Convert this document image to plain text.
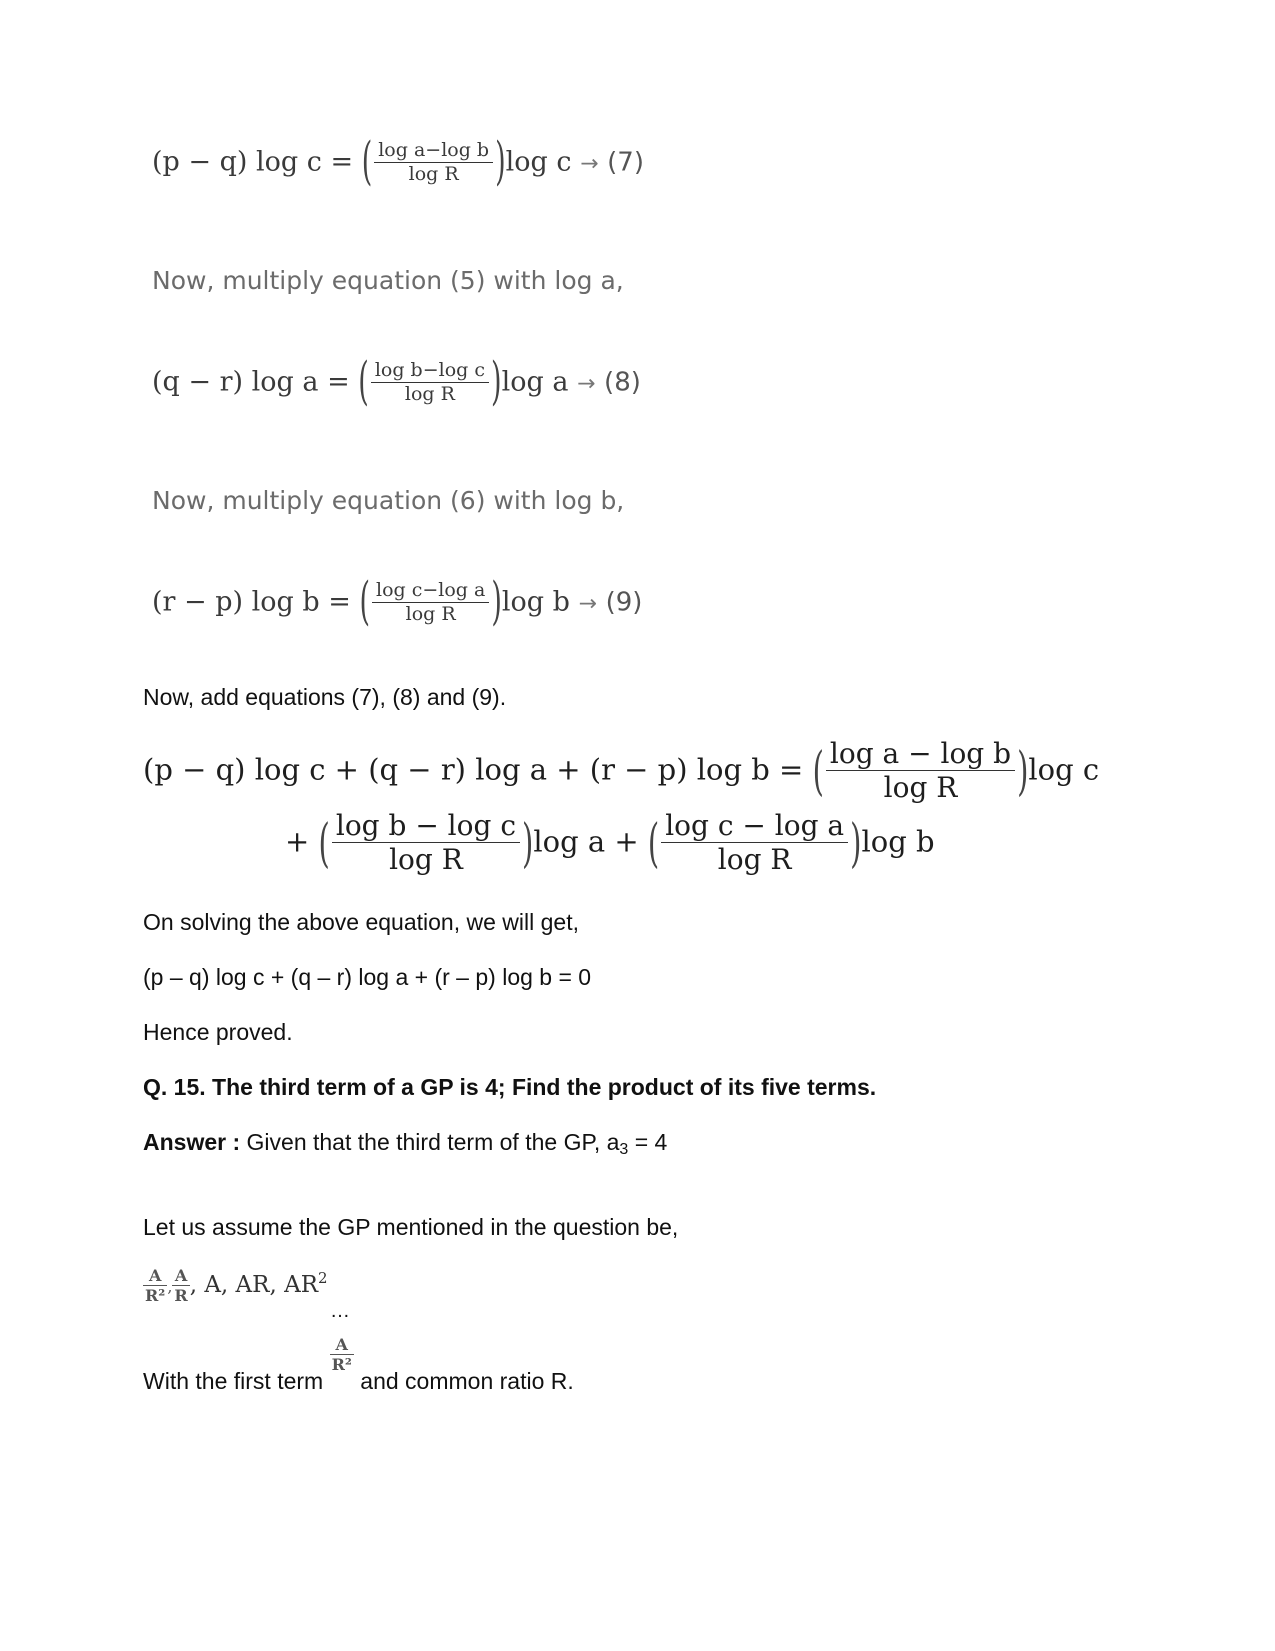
(p − q) log c = ( $\frac{\text{log a−log b}}{\text{log R}} )\log$ c → (7)
Now, multiply equation (5) with log a,
(q − r) log a = ( $\frac{\text{log b−log c}}{\text{log R}} )\log$ a → (8)
Now, multiply equation (6) with log b,
(r − p) log b = ( $\frac{\text{log c−log a}}{\text{log R}} )\log$ b → (9)
Now, add equations (7), (8) and (9).
(p − q) log c + (q − r) log a + (r − p) log b = ( $\frac{\text{log a − log b}}{\text{log R}} )\log$ c
+ ( $\frac{\text{log b − log c}}{\text{log R}} )\log$ a + ( $\frac{\text{log c − log a}}{\text{log R}} )\log$ b
On solving the above equation, we will get,
(p – q) log c + (q – r) log a + (r – p) log b = 0
Hence proved.
Q. 15. The third term of a GP is 4; Find the product of its five terms.
Answer : Given that the third term of the GP, $a_3 = 4$
Let us assume the GP mentioned in the question be,
$\frac{A}{\text{R²}}$ , $\frac{A}{R}$ , A, AR, $AR^2$
…
With the first term
$\frac{A}{\text{R²}}$
and common ratio R.
